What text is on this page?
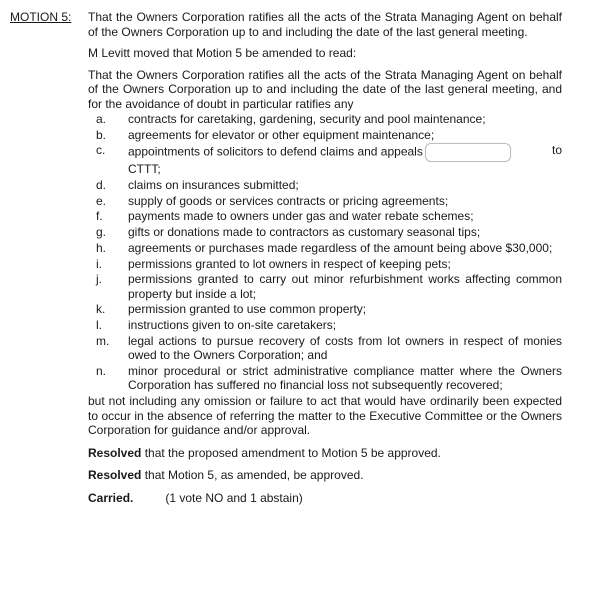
MOTION 5: That the Owners Corporation ratifies all the acts of the Strata Managing Agent on behalf of the Owners Corporation up to and including the date of the last general meeting.
M Levitt moved that Motion 5 be amended to read:
That the Owners Corporation ratifies all the acts of the Strata Managing Agent on behalf of the Owners Corporation up to and including the date of the last general meeting, and for the avoidance of doubt in particular ratifies any
a.	contracts for caretaking, gardening, security and pool maintenance;
b.	agreements for elevator or other equipment maintenance;
c.	appointments of solicitors to defend claims and appeals	to

CTTT;
d.	claims on insurances submitted;
e.	supply of goods or services contracts or pricing agreements;
f.	payments made to owners under gas and water rebate schemes;
g.	gifts or donations made to contractors as customary seasonal tips;
h.	agreements or purchases made regardless of the amount being above $30,000;
i.	permissions granted to lot owners in respect of keeping pets;
j.	permissions granted to carry out minor refurbishment works affecting common property but inside a lot;
k.	permission granted to use common property;
l.	instructions given to on-site caretakers;
m.	legal actions to pursue recovery of costs from lot owners in respect of monies owed to the Owners Corporation; and
n.	minor procedural or strict administrative compliance matter where the Owners Corporation has suffered no financial loss not subsequently recovered;
but not including any omission or failure to act that would have ordinarily been expected to occur in the absence of referring the matter to the Executive Committee or the Owners Corporation for guidance and/or approval.
Resolved that the proposed amendment to Motion 5 be approved.
Resolved that Motion 5, as amended, be approved.
Carried.	(1 vote NO and 1 abstain)
